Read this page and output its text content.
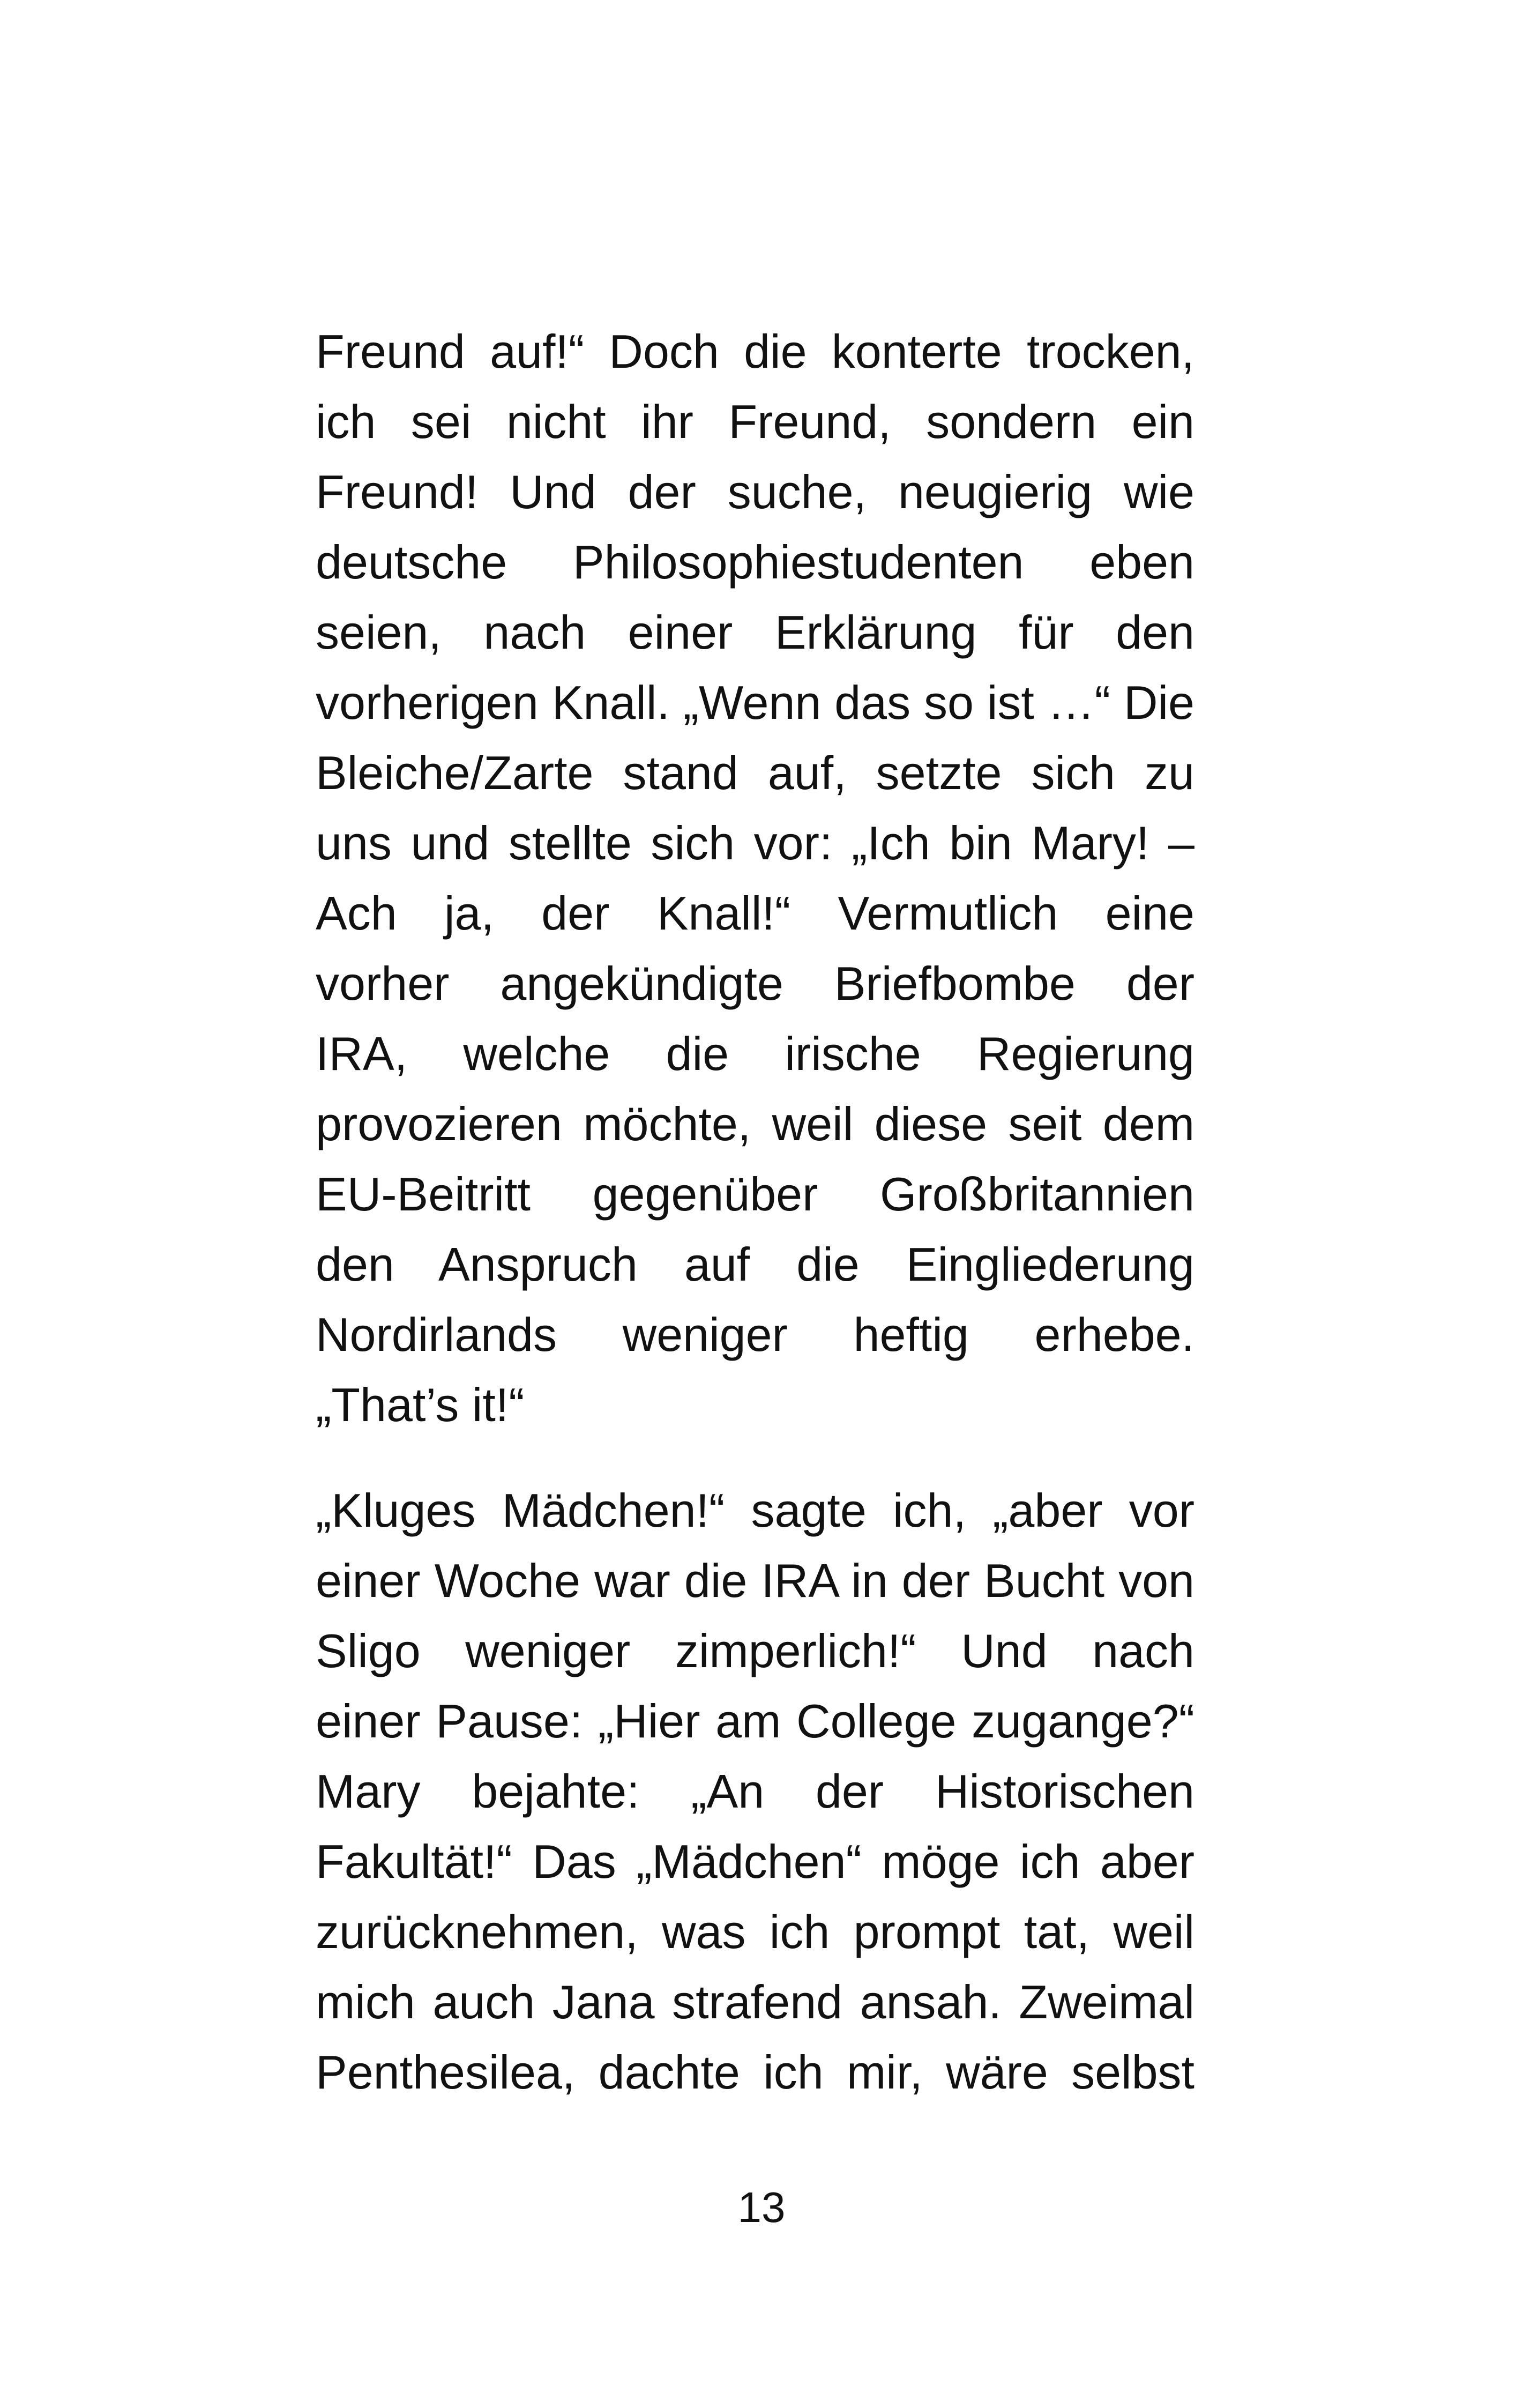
Freund auf!“ Doch die konterte trocken,
ich sei nicht ihr Freund, sondern ein
Freund! Und der suche, neugierig wie
deutsche Philosophiestudenten eben
seien, nach einer Erklärung für den
vorherigen Knall. „Wenn das so ist …“ Die
Bleiche/Zarte stand auf, setzte sich zu
uns und stellte sich vor: „Ich bin Mary! –
Ach ja, der Knall!“ Vermutlich eine
vorher angekündigte Briefbombe der
IRA, welche die irische Regierung
provozieren möchte, weil diese seit dem
EU-Beitritt gegenüber Großbritannien
den Anspruch auf die Eingliederung
Nordirlands weniger heftig erhebe.
„That’s it!“
„Kluges Mädchen!“ sagte ich, „aber vor
einer Woche war die IRA in der Bucht von
Sligo weniger zimperlich!“ Und nach
einer Pause: „Hier am College zugange?“
Mary bejahte: „An der Historischen
Fakultät!“ Das „Mädchen“ möge ich aber
zurücknehmen, was ich prompt tat, weil
mich auch Jana strafend ansah. Zweimal
Penthesilea, dachte ich mir, wäre selbst
13
